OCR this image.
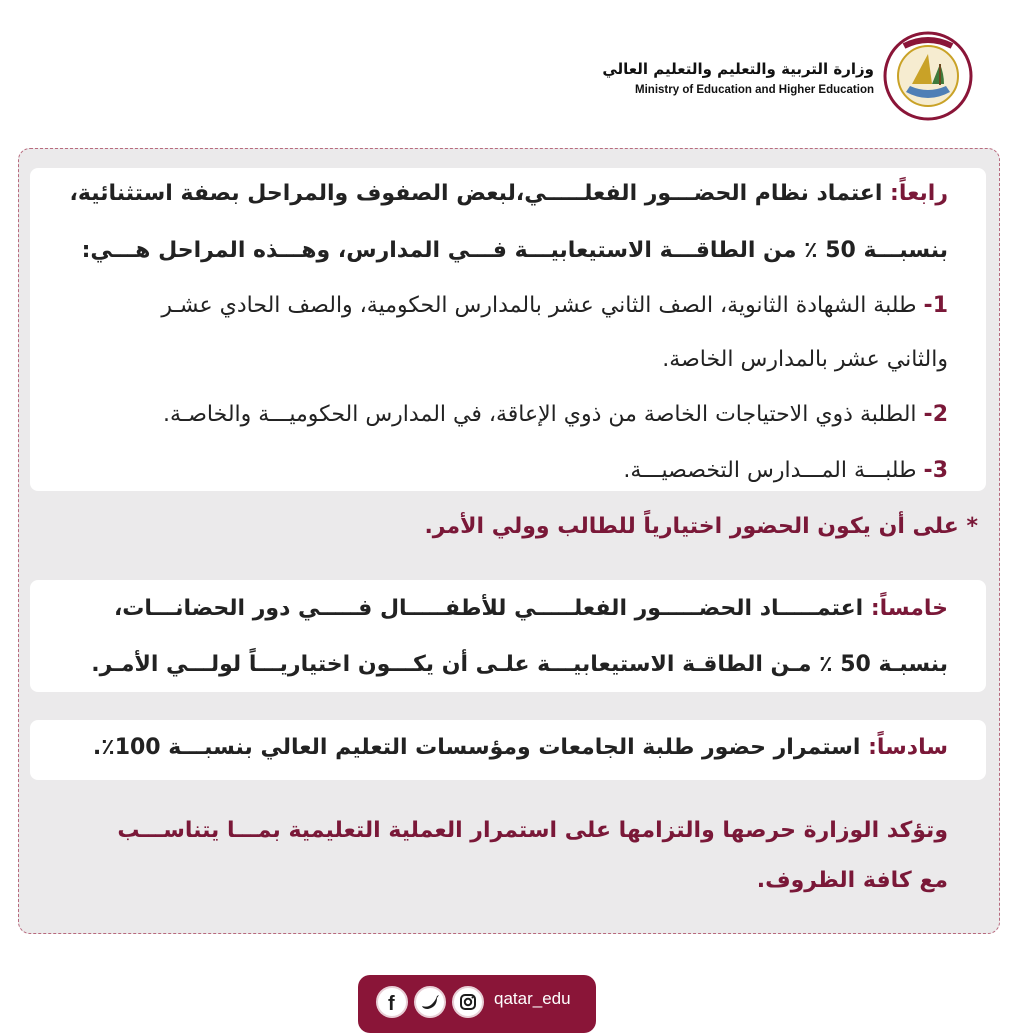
وزارة التربية والتعليم والتعليم العالي
Ministry of Education and Higher Education
رابعاً: اعتماد نظام الحضـــور الفعلـــــي،لبعض الصفوف والمراحل بصفة استثنائية،
بنسبـــة 50 ٪ من الطاقـــة الاستيعابيـــة فـــي المدارس، وهـــذه المراحل هـــي:
1- طلبة الشهادة الثانوية، الصف الثاني عشر بالمدارس الحكومية، والصف الحادي عشـر
والثاني عشر بالمدارس الخاصة.
2- الطلبة ذوي الاحتياجات الخاصة من ذوي الإعاقة، في المدارس الحكوميـــة والخاصـة.
3- طلبـــة المـــدارس التخصصيـــة.
* على أن يكون الحضور اختيارياً للطالب وولي الأمر.
خامساً: اعتمـــــاد الحضـــــور الفعلـــــي للأطفـــــال فـــــي دور الحضانـــات،
بنسبـة 50 ٪ مـن الطاقـة الاستيعابيـــة علـى أن يكـــون اختياريـــاً لولـــي الأمـر.
سادساً: استمرار حضور طلبة الجامعات ومؤسسات التعليم العالي بنسبـــة 100٪.
وتؤكد الوزارة حرصها والتزامها على استمرار العملية التعليمية بمـــا يتناســـب
مع كافة الظروف.
f	qatar_edu
